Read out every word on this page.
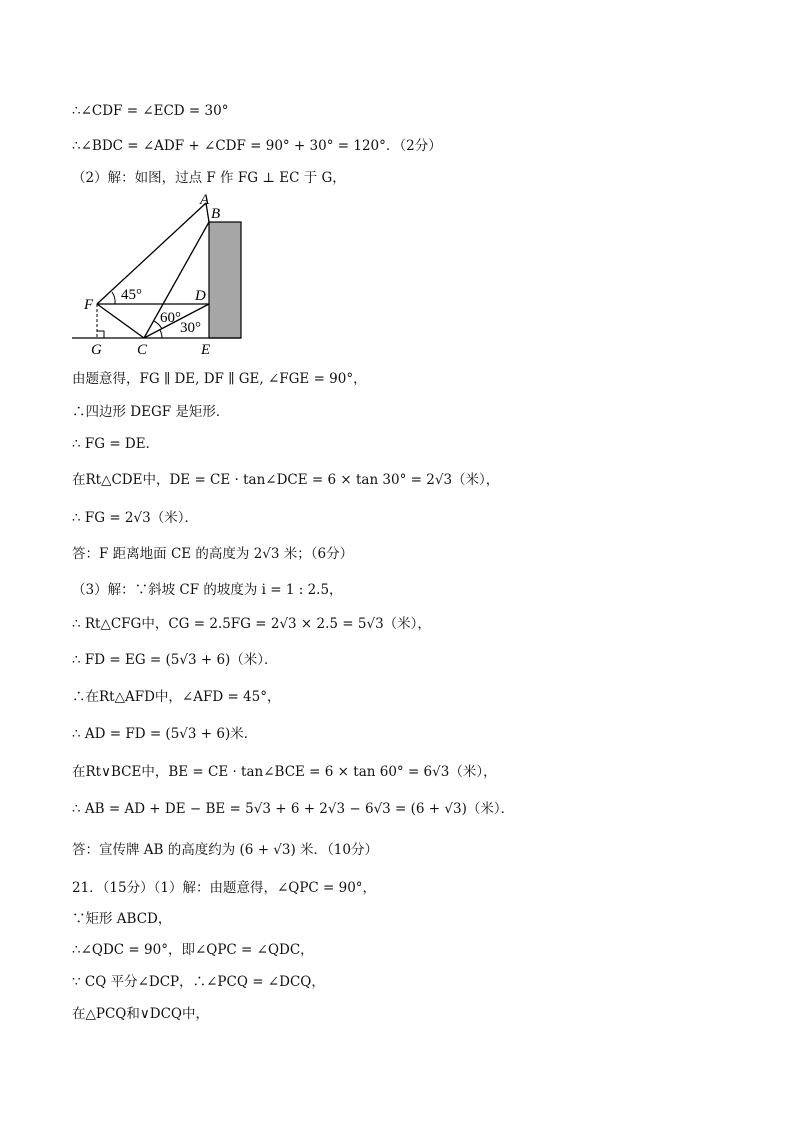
∴∠CDF = ∠ECD = 30°
∴∠BDC = ∠ADF + ∠CDF = 90° + 30° = 120°．（2分）
（2）解：如图，过点 F 作 FG ⊥ EC 于 G，
由题意得，FG ∥ DE, DF ∥ GE, ∠FGE = 90°，
∴四边形 DEGF 是矩形．
∴ FG = DE．
在Rt△CDE中，DE = CE · tan∠DCE = 6 × tan 30° = 2√3（米），
∴ FG = 2√3（米）．
答：F 距离地面 CE 的高度为 2√3 米；（6分）
（3）解：∵斜坡 CF 的坡度为 i = 1 : 2.5，
∴ Rt△CFG中，CG = 2.5FG = 2√3 × 2.5 = 5√3（米），
∴ FD = EG = (5√3 + 6)（米）．
∴在Rt△AFD中，∠AFD = 45°，
∴ AD = FD = (5√3 + 6)米．
在Rt∨BCE中，BE = CE · tan∠BCE = 6 × tan 60° = 6√3（米），
∴ AB = AD + DE − BE = 5√3 + 6 + 2√3 − 6√3 = (6 + √3)（米）．
答：宣传牌 AB 的高度约为 (6 + √3) 米．（10分）
21．（15分）（1）解：由题意得，∠QPC = 90°，
∵矩形 ABCD，
∴∠QDC = 90°，即∠QPC = ∠QDC，
∵ CQ 平分∠DCP，∴∠PCQ = ∠DCQ，
在△PCQ和∨DCQ中，
A
B
F
D
G C	E
45°
60°
30°
